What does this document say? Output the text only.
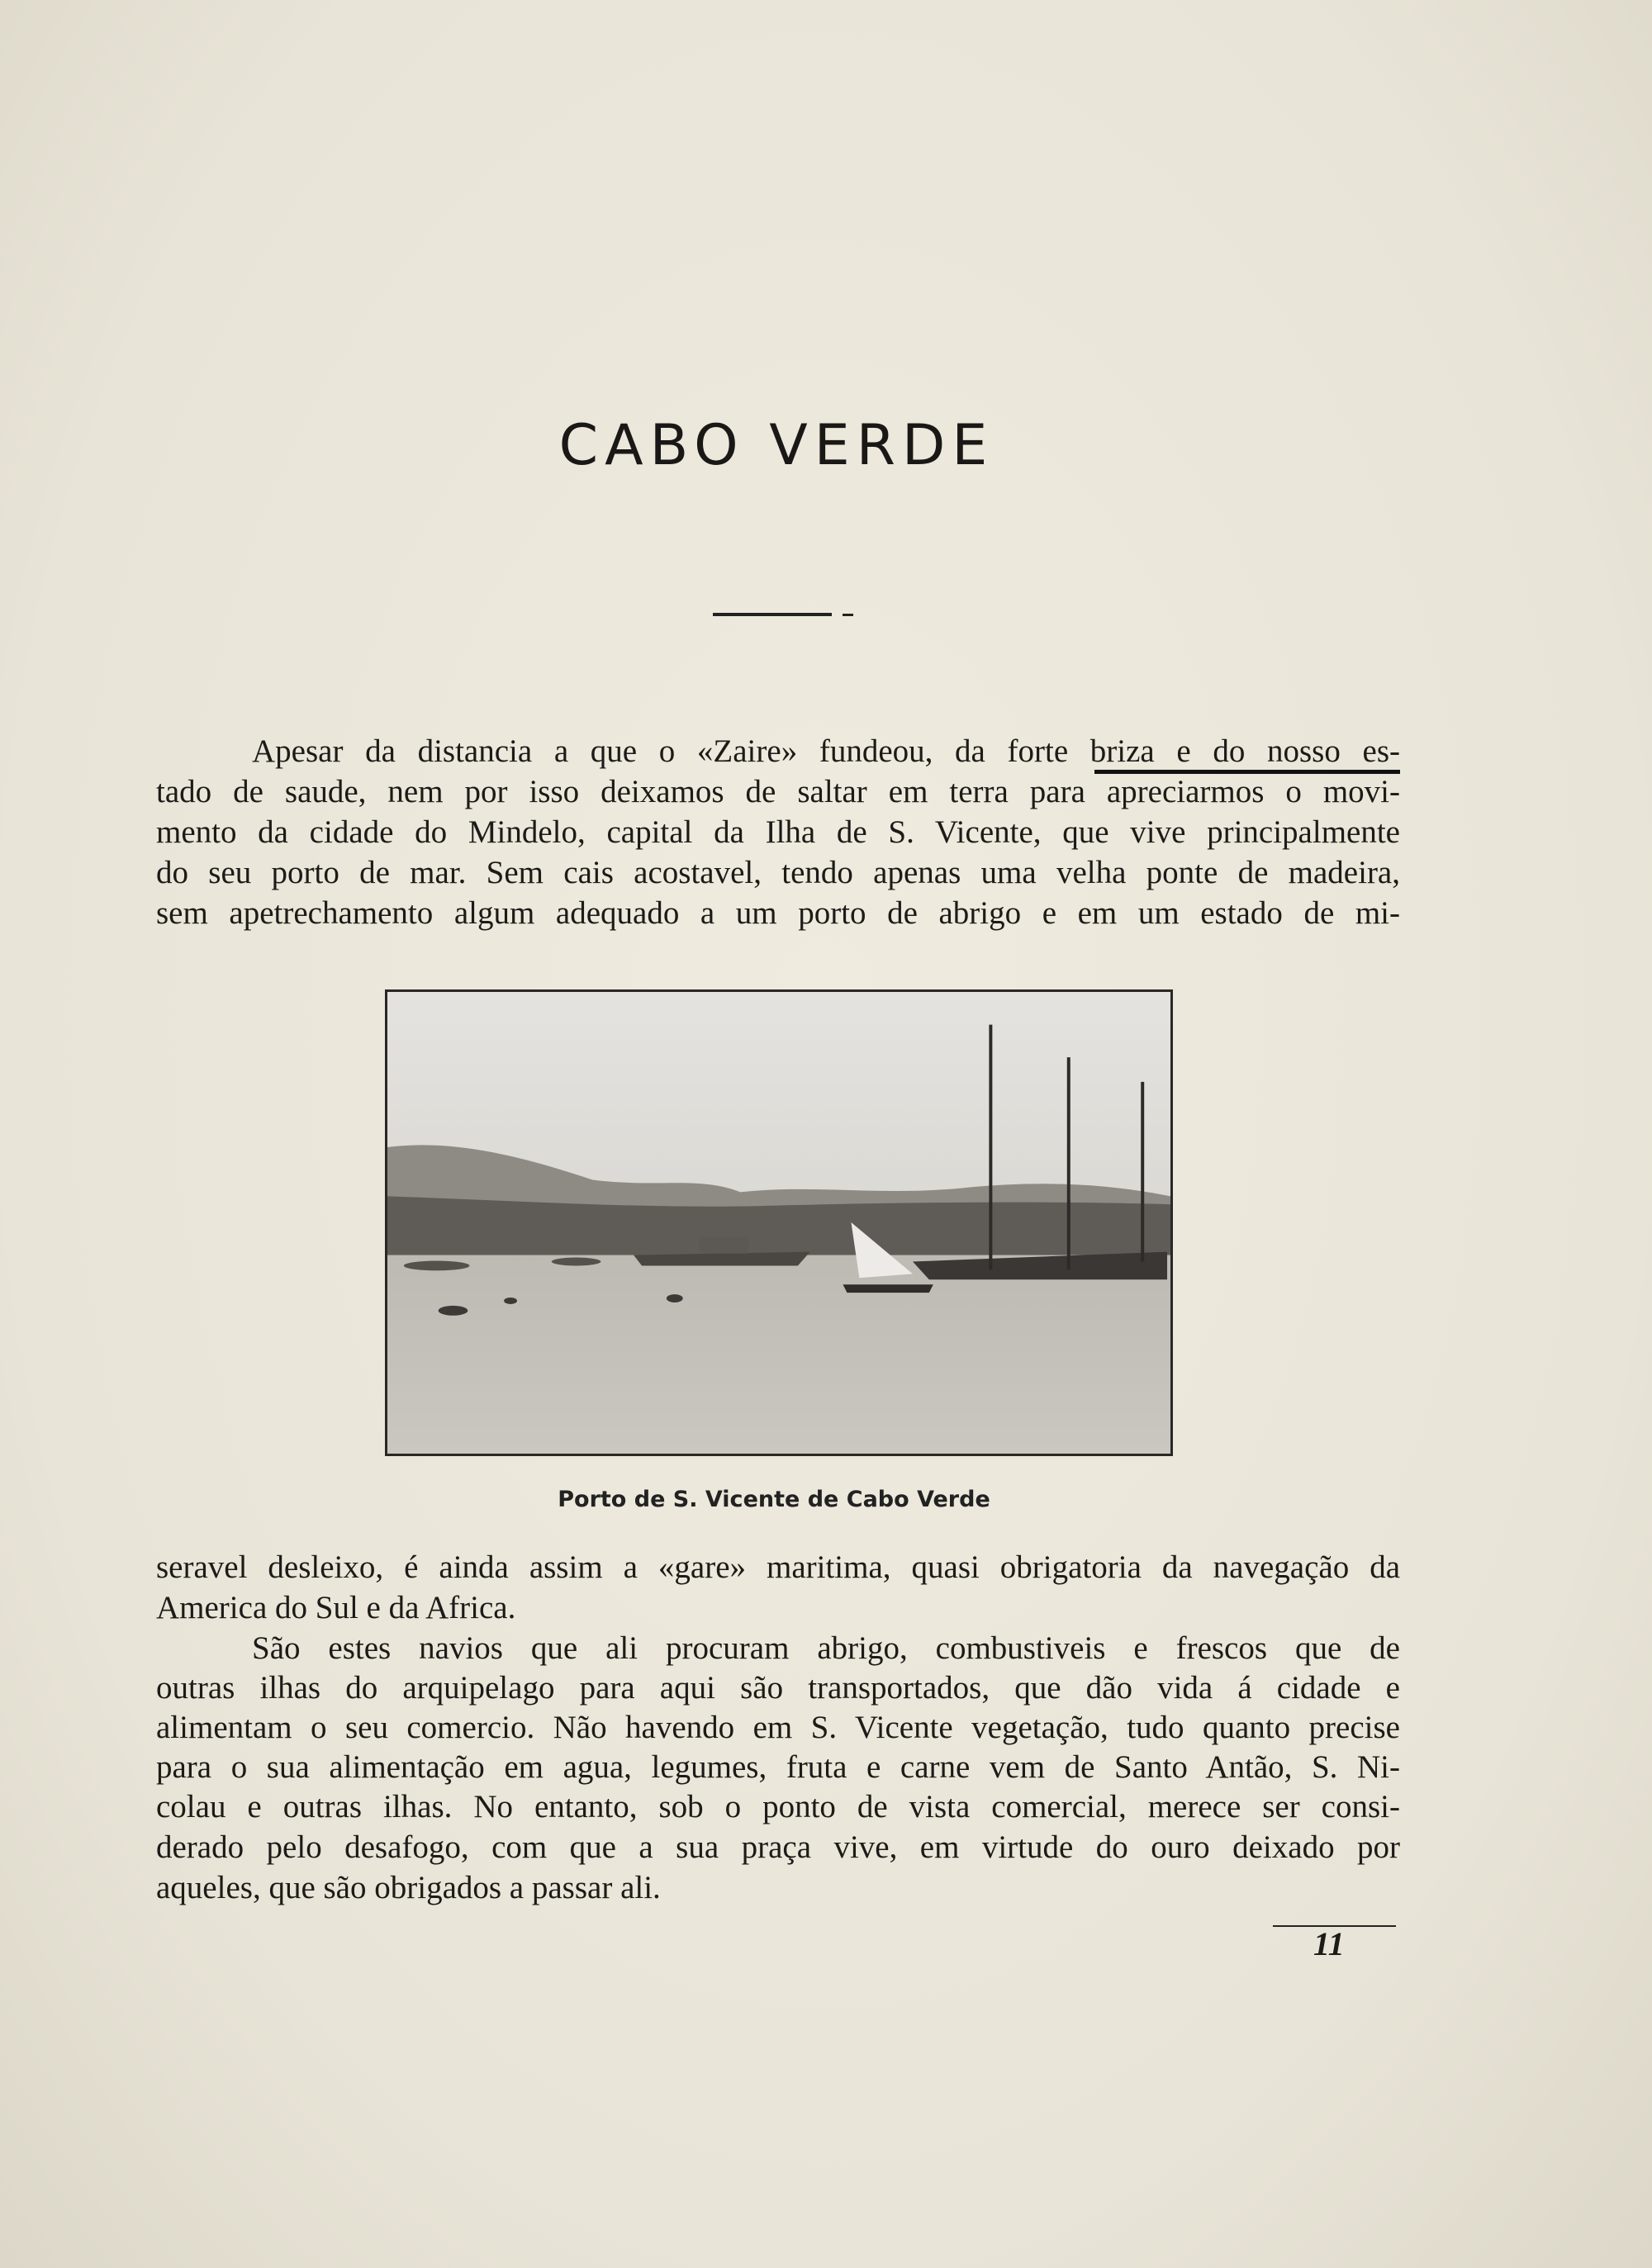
CABO VERDE
Apesar da distancia a que o «Zaire» fundeou, da forte briza e do nosso es-
tado de saude, nem por isso deixamos de saltar em terra para apreciarmos o movi-
mento da cidade do Mindelo, capital da Ilha de S. Vicente, que vive principalmente
do seu porto de mar. Sem cais acostavel, tendo apenas uma velha ponte de madeira,
sem apetrechamento algum adequado a um porto de abrigo e em um estado de mi-
Porto de S. Vicente de Cabo Verde
seravel desleixo, é ainda assim a «gare» maritima, quasi obrigatoria da navegação da
America do Sul e da Africa.
São estes navios que ali procuram abrigo, combustiveis e frescos que de
outras ilhas do arquipelago para aqui são transportados, que dão vida á cidade e
alimentam o seu comercio. Não havendo em S. Vicente vegetação, tudo quanto precise
para o sua alimentação em agua, legumes, fruta e carne vem de Santo Antão, S. Ni-
colau e outras ilhas. No entanto, sob o ponto de vista comercial, merece ser consi-
derado pelo desafogo, com que a sua praça vive, em virtude do ouro deixado por
aqueles, que são obrigados a passar ali.
11
